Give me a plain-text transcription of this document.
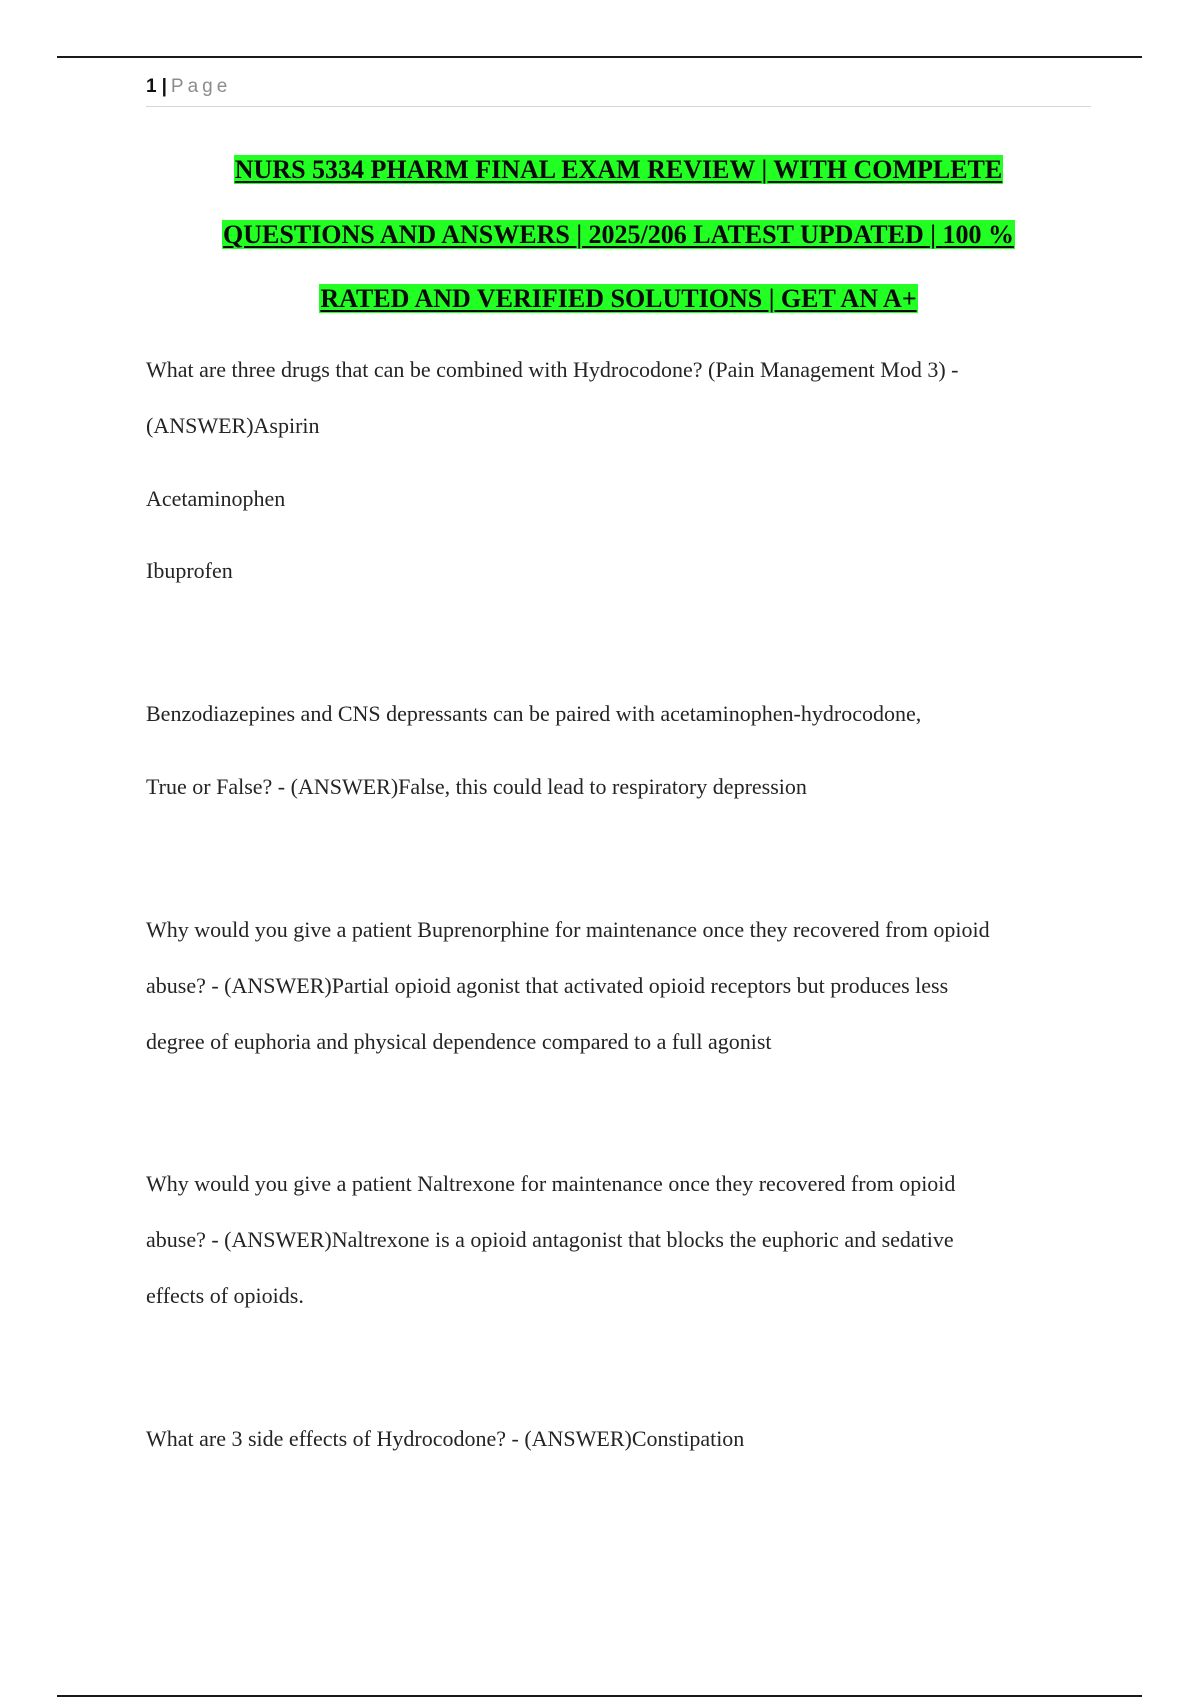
1 | Page
NURS 5334 PHARM FINAL EXAM REVIEW | WITH COMPLETE
QUESTIONS AND ANSWERS | 2025/206 LATEST UPDATED | 100 %
RATED AND VERIFIED SOLUTIONS | GET AN A+

What are three drugs that can be combined with Hydrocodone? (Pain Management Mod 3) -

(ANSWER)Aspirin

Acetaminophen

Ibuprofen

Benzodiazepines and CNS depressants can be paired with acetaminophen-hydrocodone,

True or False? - (ANSWER)False, this could lead to respiratory depression

Why would you give a patient Buprenorphine for maintenance once they recovered from opioid

abuse? - (ANSWER)Partial opioid agonist that activated opioid receptors but produces less

degree of euphoria and physical dependence compared to a full agonist

Why would you give a patient Naltrexone for maintenance once they recovered from opioid

abuse? - (ANSWER)Naltrexone is a opioid antagonist that blocks the euphoric and sedative

effects of opioids.

What are 3 side effects of Hydrocodone? - (ANSWER)Constipation
